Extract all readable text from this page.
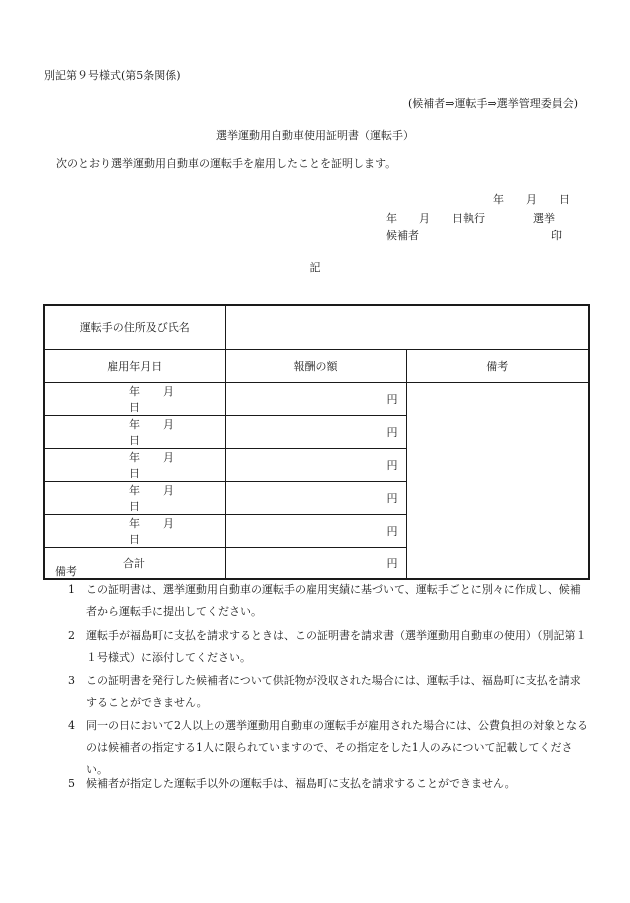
別記第９号様式(第5条関係)
(候補者⇒運転手⇒選挙管理委員会)
選挙運動用自動車使用証明書（運転手）
次のとおり選挙運動用自動車の運転手を雇用したことを証明します。
年　　月　　日
年　　月　　日執行	選挙
候補者	印
記
運転手の住所及び氏名		
雇用年月日	報酬の額	備考
年 月日	円	
年 月日	円	
年 月日	円	
年 月日	円	
年 月日	円	
合計	円	
備考
1	この証明書は、選挙運動用自動車の運転手の雇用実績に基づいて、運転手ごとに別々に作成し、候補者から運転手に提出してください。
2	運転手が福島町に支払を請求するときは、この証明書を請求書（選挙運動用自動車の使用）（別記第１１号様式）に添付してください。
3	この証明書を発行した候補者について供託物が没収された場合には、運転手は、福島町に支払を請求することができません。
4	同一の日において2人以上の選挙運動用自動車の運転手が雇用された場合には、公費負担の対象となるのは候補者の指定する1人に限られていますので、その指定をした1人のみについて記載してください。
5	候補者が指定した運転手以外の運転手は、福島町に支払を請求することができません。
